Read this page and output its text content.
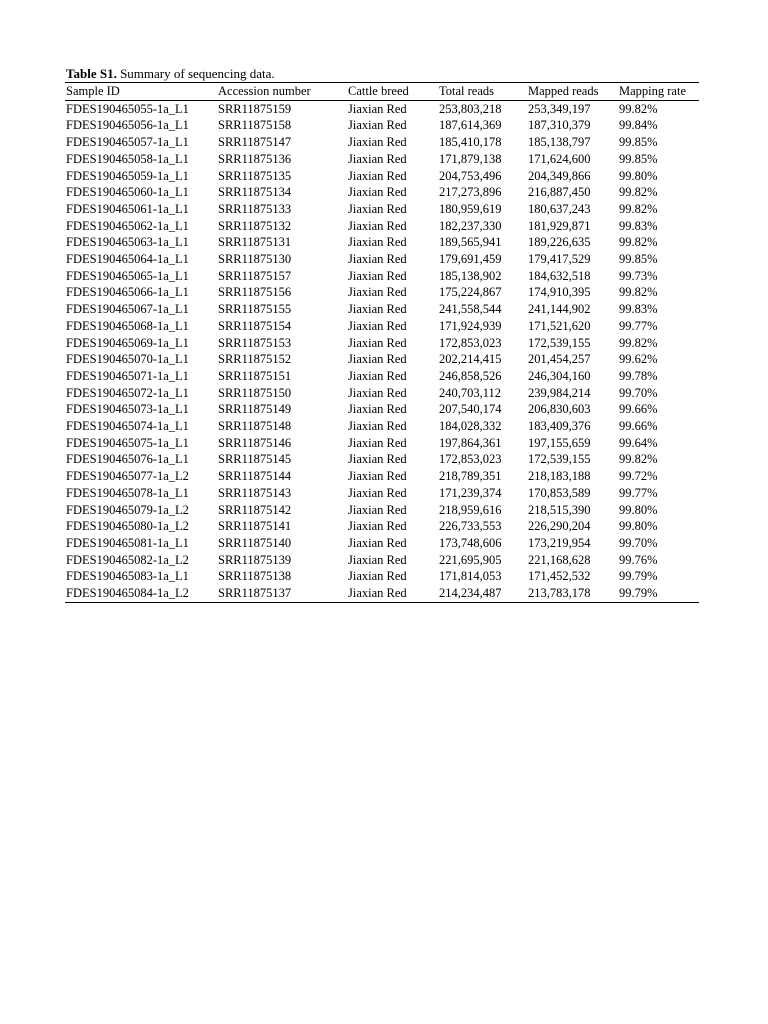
Table S1. Summary of sequencing data.
Sample ID	Accession number	Cattle breed	Total reads	Mapped reads	Mapping rate
FDES190465055-1a_L1	SRR11875159	Jiaxian Red	253,803,218	253,349,197	99.82%
FDES190465056-1a_L1	SRR11875158	Jiaxian Red	187,614,369	187,310,379	99.84%
FDES190465057-1a_L1	SRR11875147	Jiaxian Red	185,410,178	185,138,797	99.85%
FDES190465058-1a_L1	SRR11875136	Jiaxian Red	171,879,138	171,624,600	99.85%
FDES190465059-1a_L1	SRR11875135	Jiaxian Red	204,753,496	204,349,866	99.80%
FDES190465060-1a_L1	SRR11875134	Jiaxian Red	217,273,896	216,887,450	99.82%
FDES190465061-1a_L1	SRR11875133	Jiaxian Red	180,959,619	180,637,243	99.82%
FDES190465062-1a_L1	SRR11875132	Jiaxian Red	182,237,330	181,929,871	99.83%
FDES190465063-1a_L1	SRR11875131	Jiaxian Red	189,565,941	189,226,635	99.82%
FDES190465064-1a_L1	SRR11875130	Jiaxian Red	179,691,459	179,417,529	99.85%
FDES190465065-1a_L1	SRR11875157	Jiaxian Red	185,138,902	184,632,518	99.73%
FDES190465066-1a_L1	SRR11875156	Jiaxian Red	175,224,867	174,910,395	99.82%
FDES190465067-1a_L1	SRR11875155	Jiaxian Red	241,558,544	241,144,902	99.83%
FDES190465068-1a_L1	SRR11875154	Jiaxian Red	171,924,939	171,521,620	99.77%
FDES190465069-1a_L1	SRR11875153	Jiaxian Red	172,853,023	172,539,155	99.82%
FDES190465070-1a_L1	SRR11875152	Jiaxian Red	202,214,415	201,454,257	99.62%
FDES190465071-1a_L1	SRR11875151	Jiaxian Red	246,858,526	246,304,160	99.78%
FDES190465072-1a_L1	SRR11875150	Jiaxian Red	240,703,112	239,984,214	99.70%
FDES190465073-1a_L1	SRR11875149	Jiaxian Red	207,540,174	206,830,603	99.66%
FDES190465074-1a_L1	SRR11875148	Jiaxian Red	184,028,332	183,409,376	99.66%
FDES190465075-1a_L1	SRR11875146	Jiaxian Red	197,864,361	197,155,659	99.64%
FDES190465076-1a_L1	SRR11875145	Jiaxian Red	172,853,023	172,539,155	99.82%
FDES190465077-1a_L2	SRR11875144	Jiaxian Red	218,789,351	218,183,188	99.72%
FDES190465078-1a_L1	SRR11875143	Jiaxian Red	171,239,374	170,853,589	99.77%
FDES190465079-1a_L2	SRR11875142	Jiaxian Red	218,959,616	218,515,390	99.80%
FDES190465080-1a_L2	SRR11875141	Jiaxian Red	226,733,553	226,290,204	99.80%
FDES190465081-1a_L1	SRR11875140	Jiaxian Red	173,748,606	173,219,954	99.70%
FDES190465082-1a_L2	SRR11875139	Jiaxian Red	221,695,905	221,168,628	99.76%
FDES190465083-1a_L1	SRR11875138	Jiaxian Red	171,814,053	171,452,532	99.79%
FDES190465084-1a_L2	SRR11875137	Jiaxian Red	214,234,487	213,783,178	99.79%
